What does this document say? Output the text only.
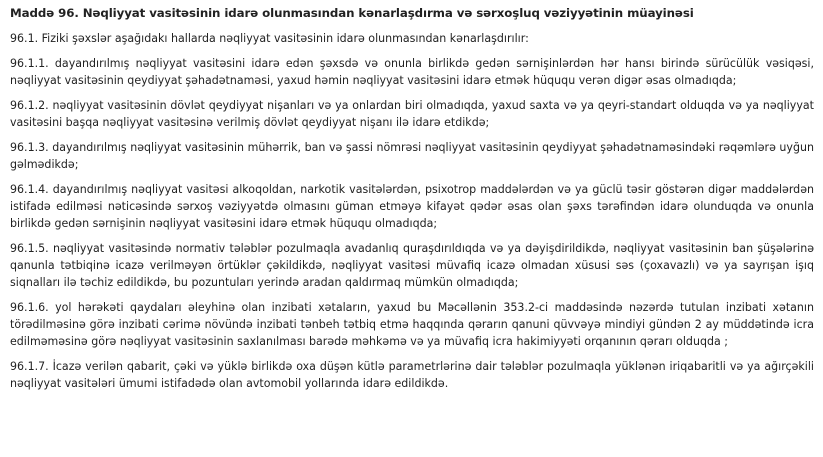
Maddə 96. Nəqliyyat vasitəsinin idarə olunmasından kənarlaşdırma və sərxoşluq vəziyyətinin müayinəsi
96.1. Fiziki şəxslər aşağıdakı hallarda nəqliyyat vasitəsinin idarə olunmasından kənarlaşdırılır:
96.1.1. dayandırılmış nəqliyyat vasitəsini idarə edən şəxsdə və onunla birlikdə gedən sərnişinlərdən hər hansı birində sürücülük vəsiqəsi, nəqliyyat vasitəsinin qeydiyyat şəhadətnaməsi, yaxud həmin nəqliyyat vasitəsini idarə etmək hüququ verən digər əsas olmadıqda;
96.1.2. nəqliyyat vasitəsinin dövlət qeydiyyat nişanları və ya onlardan biri olmadıqda, yaxud saxta və ya qeyri-standart olduqda və ya nəqliyyat vasitəsini başqa nəqliyyat vasitəsinə verilmiş dövlət qeydiyyat nişanı ilə idarə etdikdə;
96.1.3. dayandırılmış nəqliyyat vasitəsinin mühərrik, ban və şassi nömrəsi nəqliyyat vasitəsinin qeydiyyat şəhadətnaməsindəki rəqəmlərə uyğun gəlmədikdə;
96.1.4. dayandırılmış nəqliyyat vasitəsi alkoqoldan, narkotik vasitələrdən, psixotrop maddələrdən və ya güclü təsir göstərən digər maddələrdən istifadə edilməsi nəticəsində sərxoş vəziyyətdə olmasını güman etməyə kifayət qədər əsas olan şəxs tərəfindən idarə olunduqda və onunla birlikdə gedən sərnişinin nəqliyyat vasitəsini idarə etmək hüququ olmadıqda;
96.1.5. nəqliyyat vasitəsində normativ tələblər pozulmaqla avadanlıq quraşdırıldıqda və ya dəyişdirildikdə, nəqliyyat vasitəsinin ban şüşələrinə qanunla tətbiqinə icazə verilməyən örtüklər çəkildikdə, nəqliyyat vasitəsi müvafiq icazə olmadan xüsusi səs (çoxavazlı) və ya sayrışan işıq siqnalları ilə təchiz edildikdə, bu pozuntuları yerində aradan qaldırmaq mümkün olmadıqda;
96.1.6. yol hərəkəti qaydaları əleyhinə olan inzibati xətaların, yaxud bu Məcəllənin 353.2-ci maddəsində nəzərdə tutulan inzibati xətanın törədilməsinə görə inzibati cərimə növündə inzibati tənbeh tətbiq etmə haqqında qərarın qanuni qüvvəyə mindiyi gündən 2 ay müddətində icra edilməməsinə görə nəqliyyat vasitəsinin saxlanılması barədə məhkəmə və ya müvafiq icra hakimiyyəti orqanının qərarı olduqda ;
96.1.7. İcazə verilən qabarit, çəki və yüklə birlikdə oxa düşən kütlə parametrlərinə dair tələblər pozulmaqla yüklənən iriqabaritli və ya ağırçəkili nəqliyyat vasitələri ümumi istifadədə olan avtomobil yollarında idarə edildikdə.
